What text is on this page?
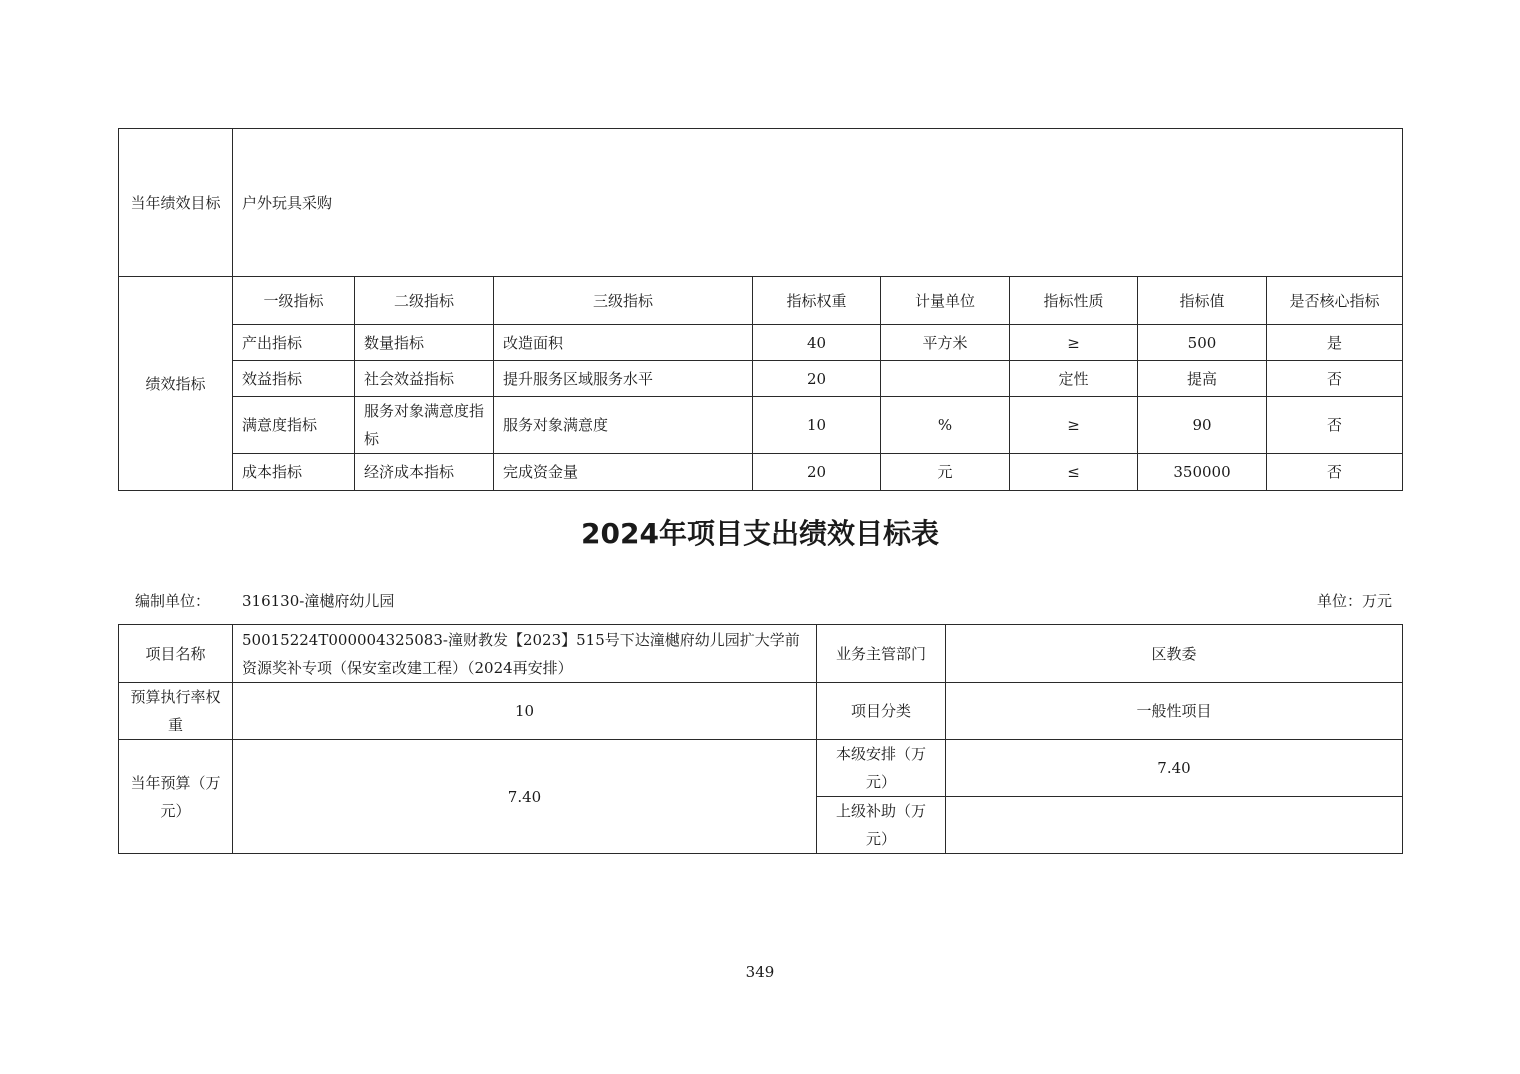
当年绩效目标	户外玩具采购							
绩效指标	一级指标	二级指标	三级指标	指标权重	计量单位	指标性质	指标值	是否核心指标
	产出指标	数量指标	改造面积	40	平方米	≥	500	是
	效益指标	社会效益指标	提升服务区域服务水平	20		定性	提高	否
	满意度指标	服务对象满意度指标	服务对象满意度	10	%	≥	90	否
	成本指标	经济成本指标	完成资金量	20	元	≤	350000	否
2024年项目支出绩效目标表
编制单位： 316130-潼樾府幼儿园	单位：万元
项目名称	50015224T000004325083-潼财教发【2023】515号下达潼樾府幼儿园扩大学前资源奖补专项（保安室改建工程）（2024再安排）	业务主管部门	区教委
预算执行率权重	10	项目分类	一般性项目
当年预算（万元）	7.40	本级安排（万元）	7.40
		上级补助（万元）	
349
